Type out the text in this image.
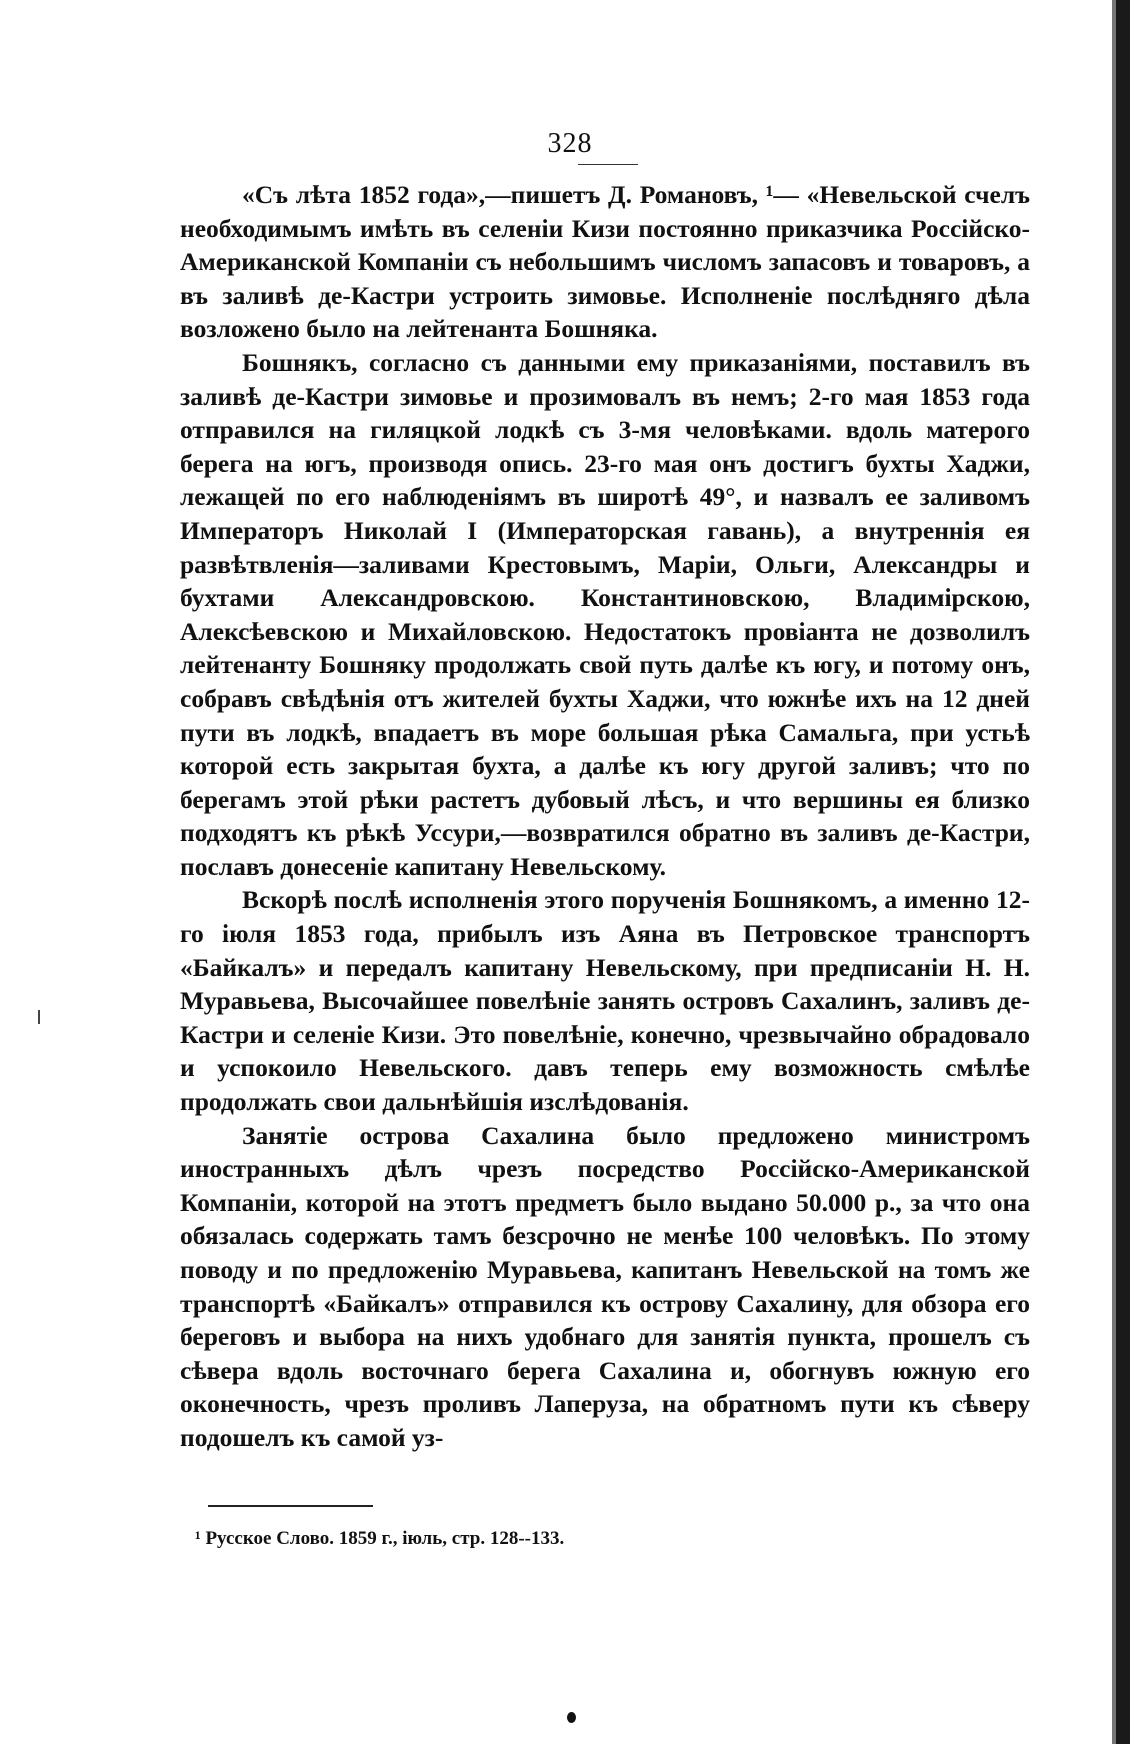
328

«Съ лѣта 1852 года»,—пишетъ Д. Романовъ, ¹— «Невельской счелъ необходимымъ имѣть въ селеніи Кизи постоянно приказчика Россійско-Американской Компаніи съ небольшимъ числомъ запасовъ и товаровъ, а въ заливѣ де-Кастри устроить зимовье. Исполненіе послѣдняго дѣла возложено было на лейтенанта Бошняка.

Бошнякъ, согласно съ данными ему приказаніями, поставилъ въ заливѣ де-Кастри зимовье и прозимовалъ въ немъ; 2-го мая 1853 года отправился на гиляцкой лодкѣ съ 3-мя человѣками. вдоль матерого берега на югъ, производя опись. 23-го мая онъ достигъ бухты Хаджи, лежащей по его наблюденіямъ въ широтѣ 49°, и назвалъ ее заливомъ Императоръ Николай I (Императорская гавань), а внутреннія ея развѣтвленія—заливами Крестовымъ, Маріи, Ольги, Александры и бухтами Александровскою. Константиновскою, Владимірскою, Алексѣевскою и Михайловскою. Недостатокъ провіанта не дозволилъ лейтенанту Бошняку продолжать свой путь далѣе къ югу, и потому онъ, собравъ свѣдѣнія отъ жителей бухты Хаджи, что южнѣе ихъ на 12 дней пути въ лодкѣ, впадаетъ въ море большая рѣка Самальга, при устьѣ которой есть закрытая бухта, а далѣе къ югу другой заливъ; что по берегамъ этой рѣки растетъ дубовый лѣсъ, и что вершины ея близко подходятъ къ рѣкѣ Уссури,—возвратился обратно въ заливъ де-Кастри, пославъ донесеніе капитану Невельскому.

Вскорѣ послѣ исполненія этого порученія Бошнякомъ, а именно 12-го іюля 1853 года, прибылъ изъ Аяна въ Петровское транспортъ «Байкалъ» и передалъ капитану Невельскому, при предписаніи Н. Н. Муравьева, Высочайшее повелѣніе занять островъ Сахалинъ, заливъ де-Кастри и селеніе Кизи. Это повелѣніе, конечно, чрезвычайно обрадовало и успокоило Невельского. давъ теперь ему возможность смѣлѣе продолжать свои дальнѣйшія изслѣдованія.

Занятіе острова Сахалина было предложено министромъ иностранныхъ дѣлъ чрезъ посредство Россійско-Американской Компаніи, которой на этотъ предметъ было выдано 50.000 р., за что она обязалась содержать тамъ безсрочно не менѣе 100 человѣкъ. По этому поводу и по предложенію Муравьева, капитанъ Невельской на томъ же транспортѣ «Байкалъ» отправился къ острову Сахалину, для обзора его береговъ и выбора на нихъ удобнаго для занятія пункта, прошелъ съ сѣвера вдоль восточнаго берега Сахалина и, обогнувъ южную его оконечность, чрезъ проливъ Лаперуза, на обратномъ пути къ сѣверу подошелъ къ самой уз-

¹ Русское Слово. 1859 г., іюль, стр. 128--133.
